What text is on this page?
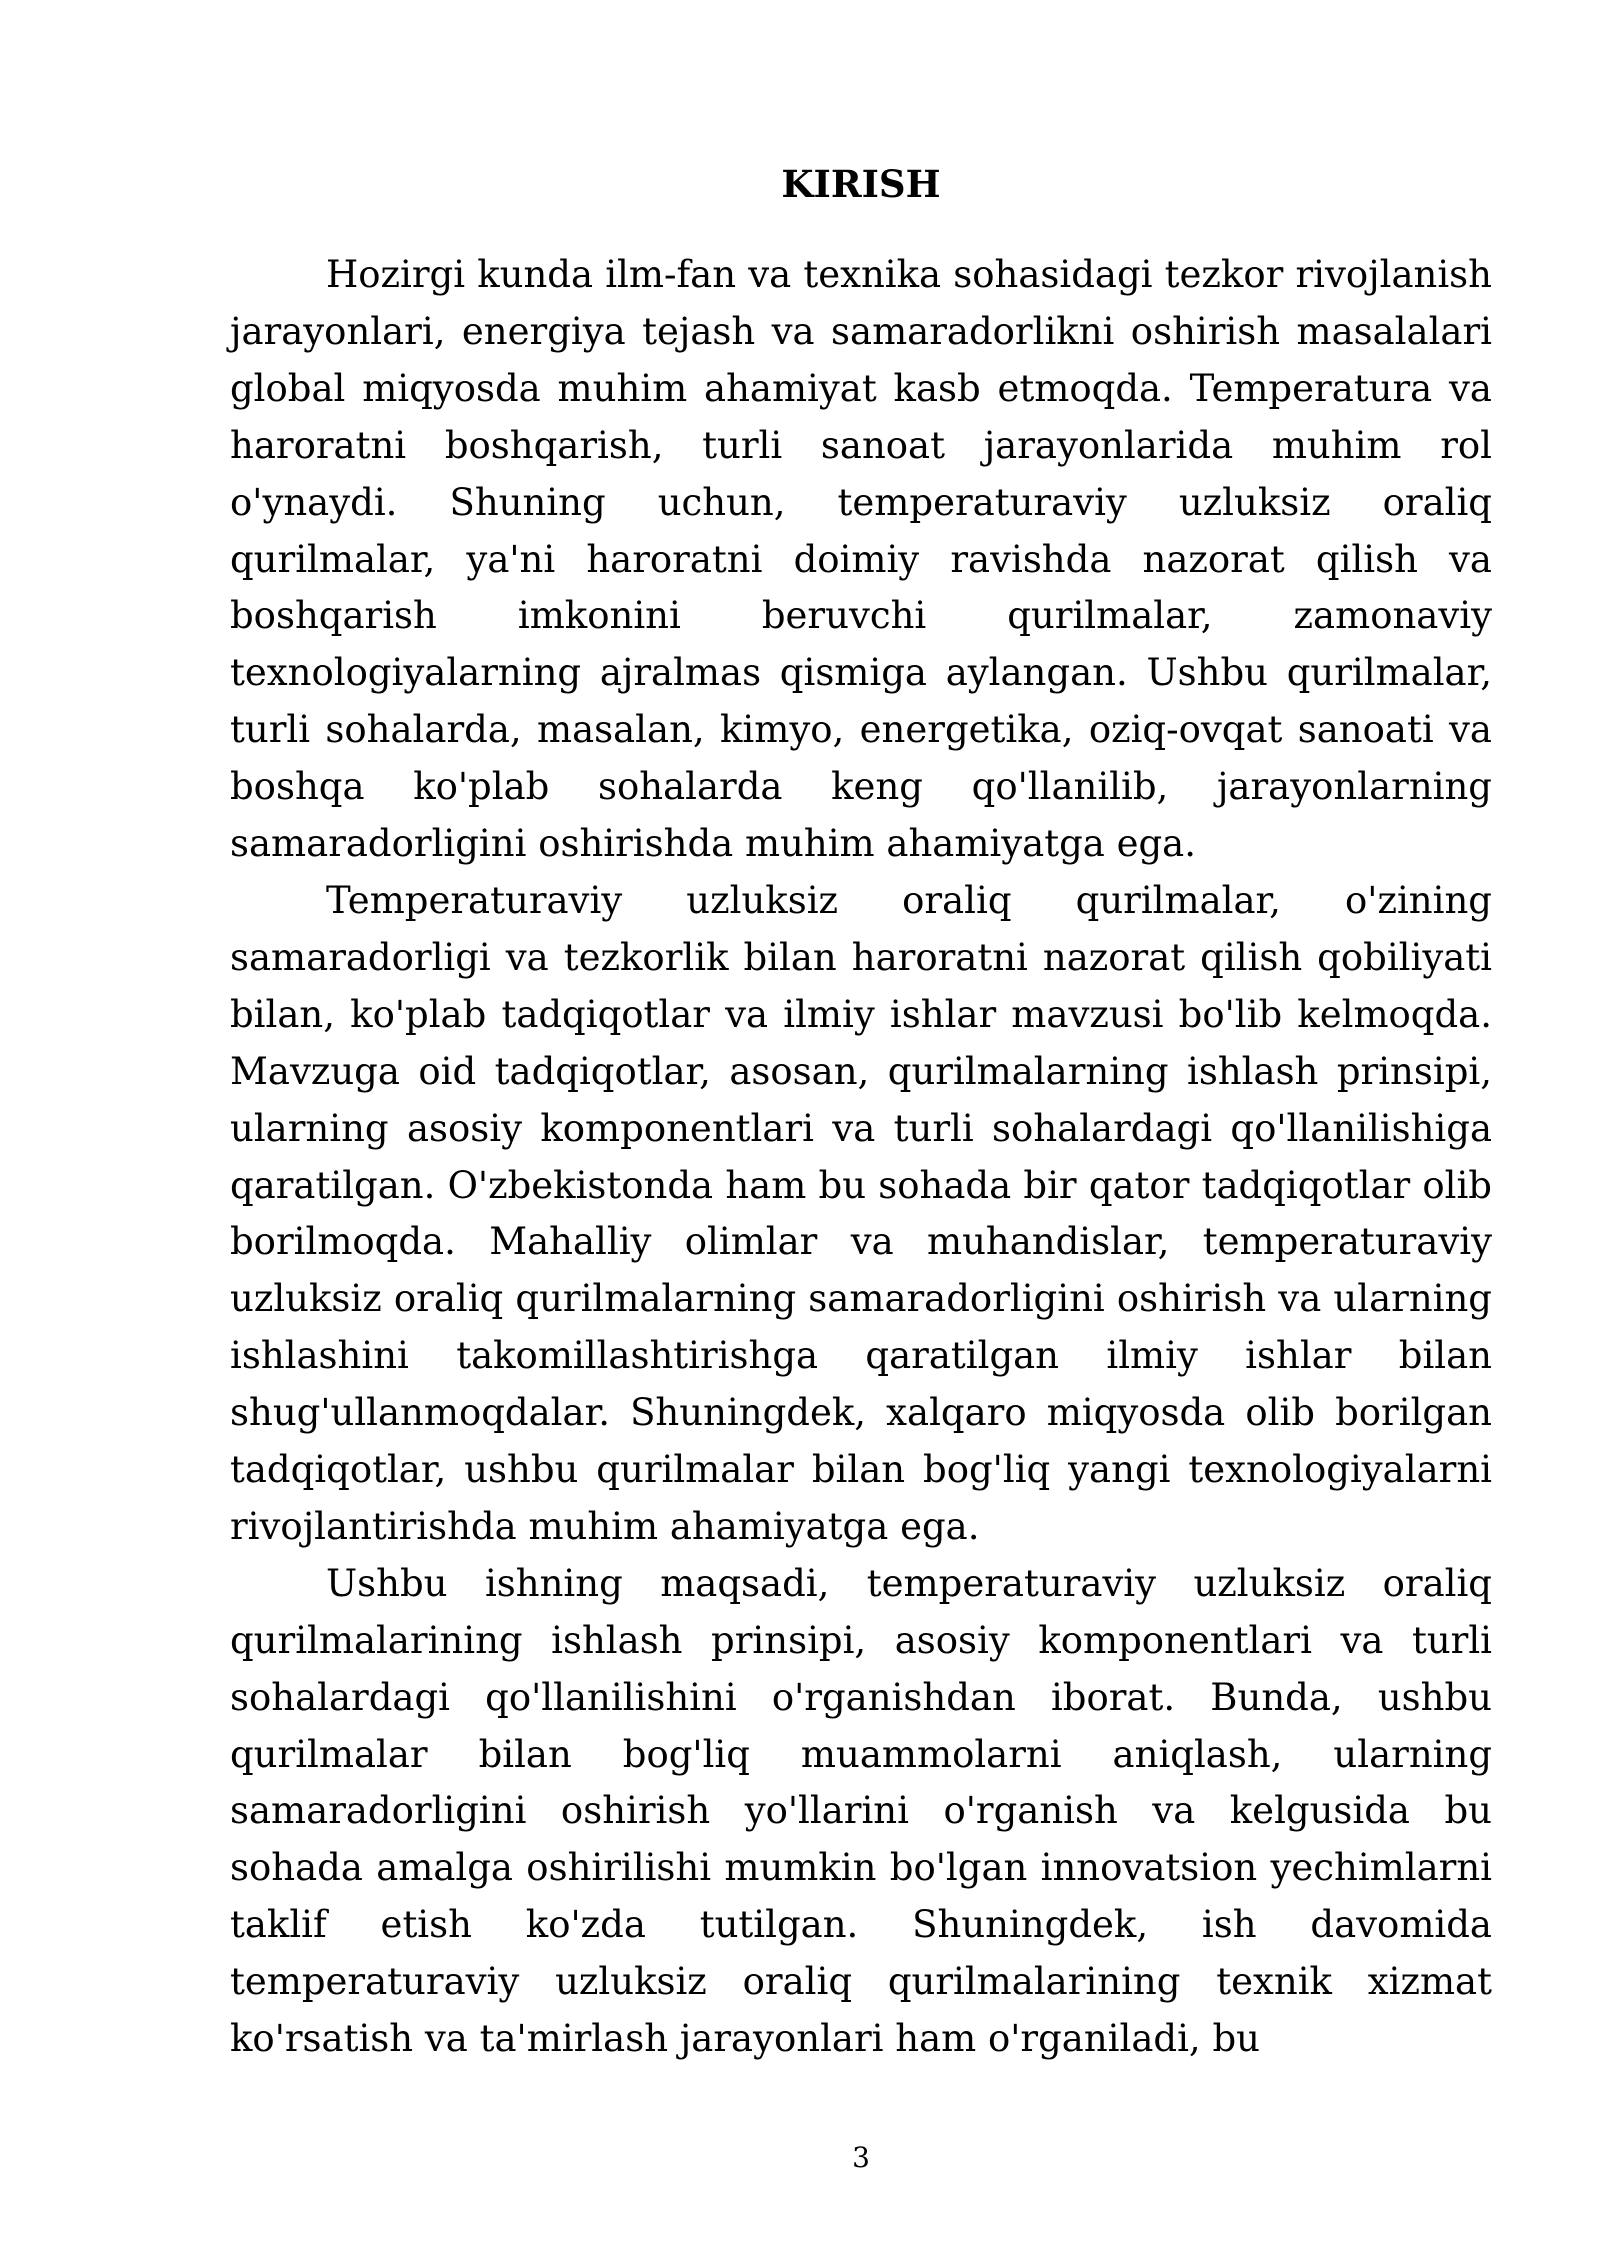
KIRISH

Hozirgi kunda ilm-fan va texnika sohasidagi tezkor rivojlanish jarayonlari, energiya tejash va samaradorlikni oshirish masalalari global miqyosda muhim ahamiyat kasb etmoqda. Temperatura va haroratni boshqarish, turli sanoat jarayonlarida muhim rol o'ynaydi. Shuning uchun, temperaturaviy uzluksiz oraliq qurilmalar, ya'ni haroratni doimiy ravishda nazorat qilish va boshqarish imkonini beruvchi qurilmalar, zamonaviy texnologiyalarning ajralmas qismiga aylangan. Ushbu qurilmalar, turli sohalarda, masalan, kimyo, energetika, oziq-ovqat sanoati va boshqa ko'plab sohalarda keng qo'llanilib, jarayonlarning samaradorligini oshirishda muhim ahamiyatga ega.

Temperaturaviy uzluksiz oraliq qurilmalar, o'zining samaradorligi va tezkorlik bilan haroratni nazorat qilish qobiliyati bilan, ko'plab tadqiqotlar va ilmiy ishlar mavzusi bo'lib kelmoqda. Mavzuga oid tadqiqotlar, asosan, qurilmalarning ishlash prinsipi, ularning asosiy komponentlari va turli sohalardagi qo'llanilishiga qaratilgan. O'zbekistonda ham bu sohada bir qator tadqiqotlar olib borilmoqda. Mahalliy olimlar va muhandislar, temperaturaviy uzluksiz oraliq qurilmalarning samaradorligini oshirish va ularning ishlashini takomillashtirishga qaratilgan ilmiy ishlar bilan shug'ullanmoqdalar. Shuningdek, xalqaro miqyosda olib borilgan tadqiqotlar, ushbu qurilmalar bilan bog'liq yangi texnologiyalarni rivojlantirishda muhim ahamiyatga ega.

Ushbu ishning maqsadi, temperaturaviy uzluksiz oraliq qurilmalarining ishlash prinsipi, asosiy komponentlari va turli sohalardagi qo'llanilishini o'rganishdan iborat. Bunda, ushbu qurilmalar bilan bog'liq muammolarni aniqlash, ularning samaradorligini oshirish yo'llarini o'rganish va kelgusida bu sohada amalga oshirilishi mumkin bo'lgan innovatsion yechimlarni taklif etish ko'zda tutilgan. Shuningdek, ish davomida temperaturaviy uzluksiz oraliq qurilmalarining texnik xizmat ko'rsatish va ta'mirlash jarayonlari ham o'rganiladi, bu

3
